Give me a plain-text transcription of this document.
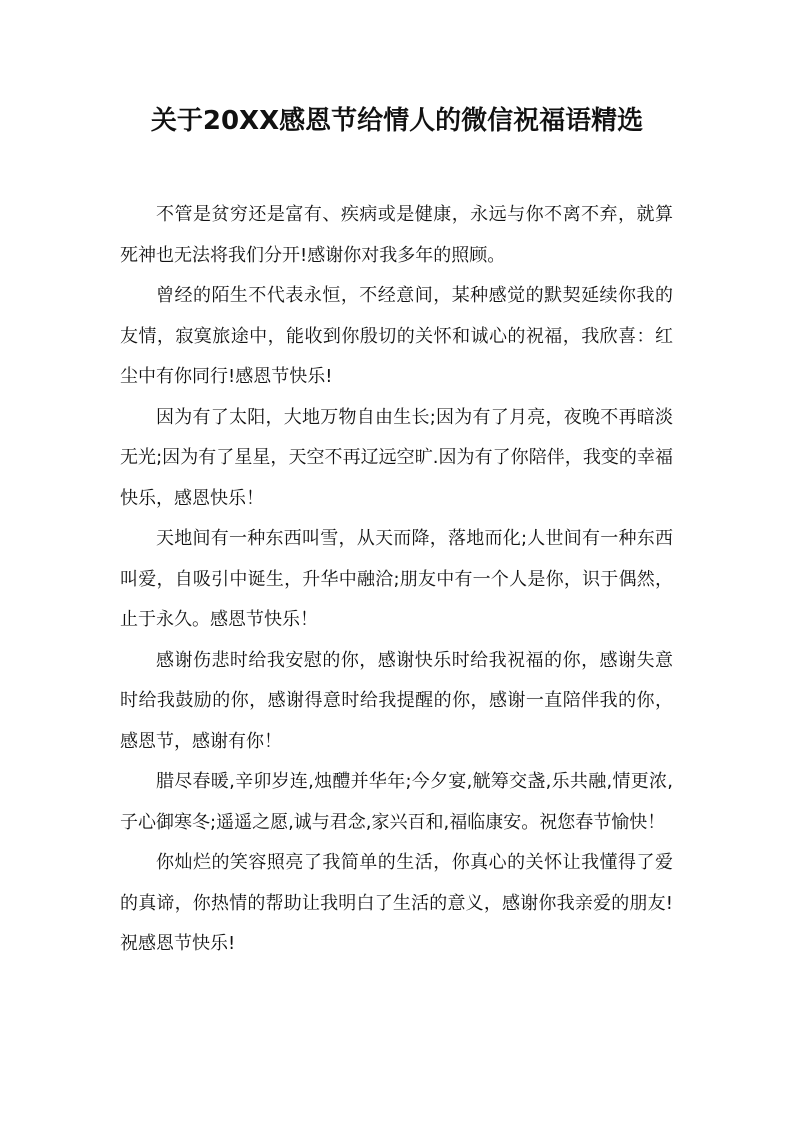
关于20XX感恩节给情人的微信祝福语精选

不管是贫穷还是富有、疾病或是健康，永远与你不离不弃，就算死神也无法将我们分开!感谢你对我多年的照顾。

曾经的陌生不代表永恒，不经意间，某种感觉的默契延续你我的友情，寂寞旅途中，能收到你殷切的关怀和诚心的祝福，我欣喜：红尘中有你同行!感恩节快乐!

因为有了太阳，大地万物自由生长;因为有了月亮，夜晚不再暗淡无光;因为有了星星，天空不再辽远空旷.因为有了你陪伴，我变的幸福快乐，感恩快乐！

天地间有一种东西叫雪，从天而降，落地而化;人世间有一种东西叫爱，自吸引中诞生，升华中融洽;朋友中有一个人是你，识于偶然，止于永久。感恩节快乐！

感谢伤悲时给我安慰的你，感谢快乐时给我祝福的你，感谢失意时给我鼓励的你，感谢得意时给我提醒的你，感谢一直陪伴我的你，感恩节，感谢有你！

腊尽春暖,辛卯岁连,烛醴并华年;今夕宴,觥筹交盏,乐共融,情更浓,子心御寒冬;遥遥之愿,诚与君念,家兴百和,福临康安。祝您春节愉快！

你灿烂的笑容照亮了我简单的生活，你真心的关怀让我懂得了爱的真谛，你热情的帮助让我明白了生活的意义，感谢你我亲爱的朋友!祝感恩节快乐!
